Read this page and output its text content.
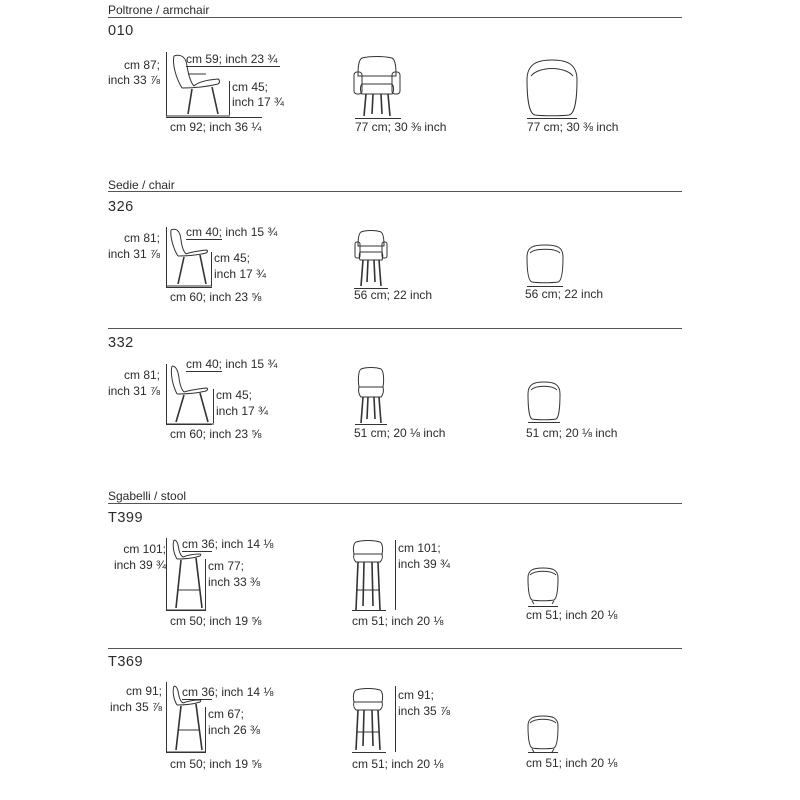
Poltrone / armchair
010
cm 87;
inch 33 ⅞
cm 59; inch 23 ¾
cm 45;
inch 17 ¾
cm 92; inch 36 ¼	77 cm; 30 ⅜ inch	77 cm; 30 ⅜ inch
Sedie / chair
326
cm 81;
inch 31 ⅞
cm 40; inch 15 ¾
cm 45;
inch 17 ¾
cm 60; inch 23 ⅝	56 cm; 22 inch	56 cm; 22 inch
332
cm 81;
inch 31 ⅞
cm 40; inch 15 ¾
cm 45;
inch 17 ¾
cm 60; inch 23 ⅝	51 cm; 20 ⅛ inch	51 cm; 20 ⅛ inch
Sgabelli / stool
T399
cm 101;
inch 39 ¾
cm 36; inch 14 ⅛
cm 77;
inch 33 ⅜
cm 50; inch 19 ⅝
cm 101;
inch 39 ¾
cm 51; inch 20 ⅛	cm 51; inch 20 ⅛
T369
cm 91;
inch 35 ⅞
cm 36; inch 14 ⅛
cm 67;
inch 26 ⅜
cm 50; inch 19 ⅝
cm 91;
inch 35 ⅞
cm 51; inch 20 ⅛	cm 51; inch 20 ⅛
